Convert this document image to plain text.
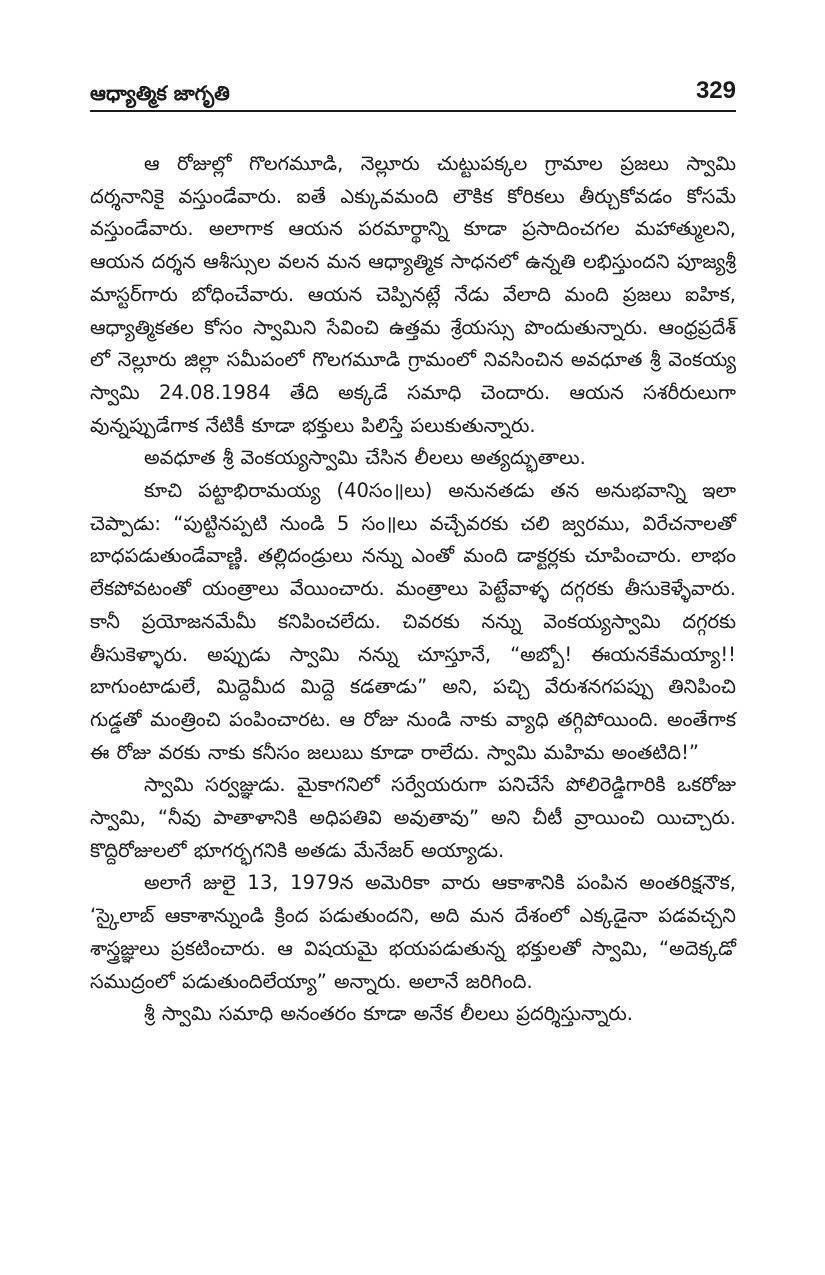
ఆధ్యాత్మిక జాగృతి	329

ఆ రోజుల్లో గొలగమూడి, నెల్లూరు చుట్టుపక్కల గ్రామాల ప్రజలు స్వామి దర్శనానికై వస్తుండేవారు. ఐతే ఎక్కువమంది లౌకిక కోరికలు తీర్చుకోవడం కోసమే వస్తుండేవారు. అలాగాక ఆయన పరమార్థాన్ని కూడా ప్రసాదించగల మహాత్ములని, ఆయన దర్శన ఆశీస్సుల వలన మన ఆధ్యాత్మిక సాధనలో ఉన్నతి లభిస్తుందని పూజ్యశ్రీ మాస్టర్‌గారు బోధించేవారు. ఆయన చెప్పినట్లే నేడు వేలాది మంది ప్రజలు ఐహిక, ఆధ్యాత్మికతల కోసం స్వామిని సేవించి ఉత్తమ శ్రేయస్సు పొందుతున్నారు. ఆంధ్రప్రదేశ్ లో నెల్లూరు జిల్లా సమీపంలో గొలగమూడి గ్రామంలో నివసించిన అవధూత శ్రీ వెంకయ్య స్వామి 24.08.1984 తేది అక్కడే సమాధి చెందారు. ఆయన సశరీరులుగా వున్నప్పుడేగాక నేటికీ కూడా భక్తులు పిలిస్తే పలుకుతున్నారు.

అవధూత శ్రీ వెంకయ్యస్వామి చేసిన లీలలు అత్యద్భుతాలు.

కూచి పట్టాభిరామయ్య (40సం॥లు) అనునతడు తన అనుభవాన్ని ఇలా చెప్పాడు: “పుట్టినప్పటి నుండి 5 సం॥లు వచ్చేవరకు చలి జ్వరము, విరేచనాలతో బాధపడుతుండేవాణ్ణి. తల్లిదండ్రులు నన్ను ఎంతో మంది డాక్టర్లకు చూపించారు. లాభం లేకపోవటంతో యంత్రాలు వేయించారు. మంత్రాలు పెట్టేవాళ్ళ దగ్గరకు తీసుకెళ్ళేవారు. కానీ ప్రయోజనమేమీ కనిపించలేదు. చివరకు నన్ను వెంకయ్యస్వామి దగ్గరకు తీసుకెళ్ళారు. అప్పుడు స్వామి నన్ను చూస్తూనే, “అబ్బో! ఈయనకేమయ్యా!! బాగుంటాడులే, మిద్దెమీద మిద్దె కడతాడు” అని, పచ్చి వేరుశనగపప్పు తినిపించి గుడ్డతో మంత్రించి పంపించారట. ఆ రోజు నుండి నాకు వ్యాధి తగ్గిపోయింది. అంతేగాక ఈ రోజు వరకు నాకు కనీసం జలుబు కూడా రాలేదు. స్వామి మహిమ అంతటిది!”

స్వామి సర్వజ్ఞుడు. మైకాగనిలో సర్వేయరుగా పనిచేసే పోలిరెడ్డిగారికి ఒకరోజు స్వామి, “నీవు పాతాళానికి అధిపతివి అవుతావు” అని చీటీ వ్రాయించి యిచ్చారు. కొద్దిరోజులలో భూగర్భగనికి అతడు మేనేజర్ అయ్యాడు.

అలాగే జులై 13, 1979న అమెరికా వారు ఆకాశానికి పంపిన అంతరిక్షనౌక, ‘స్కైలాబ్ ఆకాశాన్నుండి క్రింద పడుతుందని, అది మన దేశంలో ఎక్కడైనా పడవచ్చని శాస్త్రజ్ఞులు ప్రకటించారు. ఆ విషయమై భయపడుతున్న భక్తులతో స్వామి, “అదెక్కడో సముద్రంలో పడుతుందిలేయ్యా” అన్నారు. అలానే జరిగింది.

శ్రీ స్వామి సమాధి అనంతరం కూడా అనేక లీలలు ప్రదర్శిస్తున్నారు.
